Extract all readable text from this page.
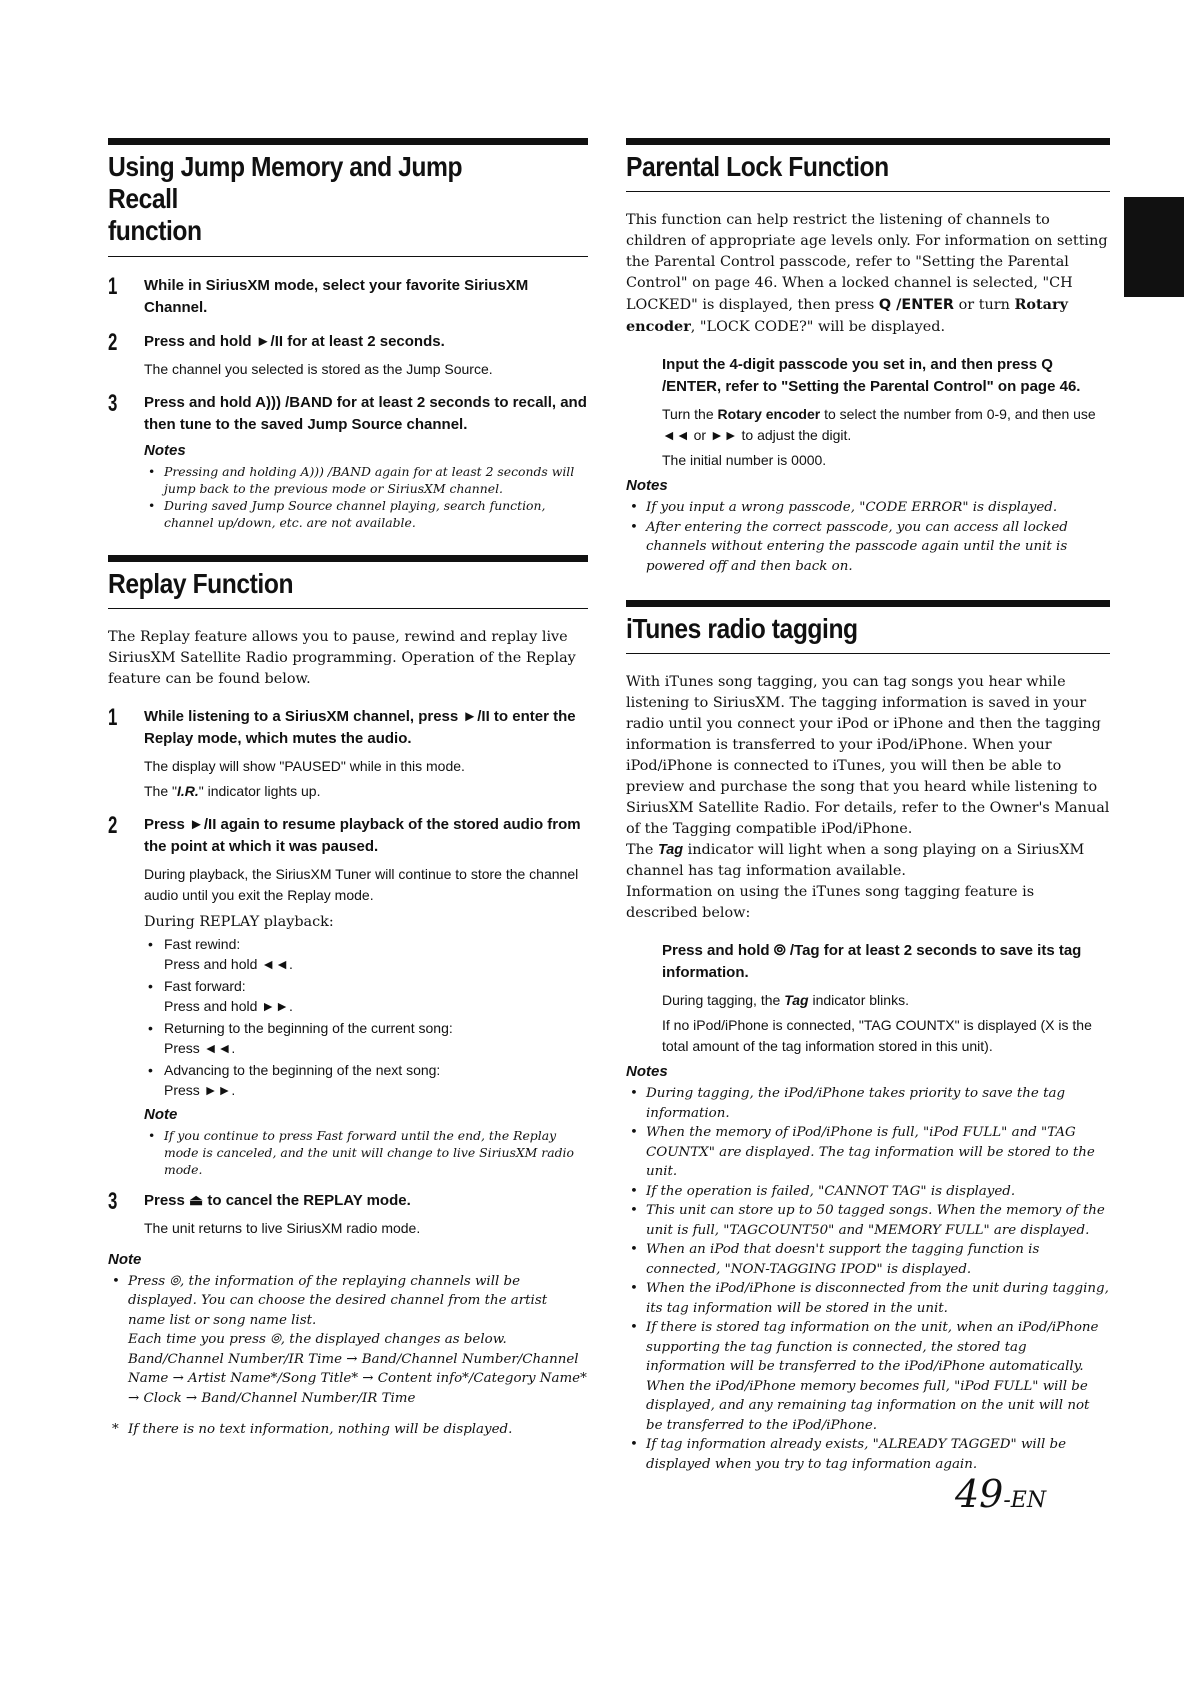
Using Jump Memory and Jump Recall
function
1 While in SiriusXM mode, select your favorite SiriusXM Channel.

2 Press and hold ►/II for at least 2 seconds.

The channel you selected is stored as the Jump Source.

3 Press and hold A))) /BAND for at least 2 seconds to recall, and then tune to the saved Jump Source channel.

Notes
• Pressing and holding A))) /BAND again for at least 2 seconds will jump back to the previous mode or SiriusXM channel.
• During saved Jump Source channel playing, search function, channel up/down, etc. are not available.
Replay Function

The Replay feature allows you to pause, rewind and replay live SiriusXM Satellite Radio programming. Operation of the Replay feature can be found below.

1 While listening to a SiriusXM channel, press ►/II to enter the Replay mode, which mutes the audio.

The display will show "PAUSED" while in this mode.

The "I.R." indicator lights up.

2 Press ►/II again to resume playback of the stored audio from the point at which it was paused.

During playback, the SiriusXM Tuner will continue to store the channel audio until you exit the Replay mode.

During REPLAY playback:
• Fast rewind:
Press and hold ◄◄.
• Fast forward:
Press and hold ►►.
• Returning to the beginning of the current song:
Press ◄◄.
• Advancing to the beginning of the next song:
Press ►►.
Note
• If you continue to press Fast forward until the end, the Replay mode is canceled, and the unit will change to live SiriusXM radio mode.
3 Press ⏏ to cancel the REPLAY mode.

The unit returns to live SiriusXM radio mode.

Note
• Press ⦾, the information of the replaying channels will be displayed. You can choose the desired channel from the artist name list or song name list.
Each time you press ⦾, the displayed changes as below.
Band/Channel Number/IR Time → Band/Channel Number/Channel Name → Artist Name*/Song Title* → Content info*/Category Name* → Clock → Band/Channel Number/IR Time
* If there is no text information, nothing will be displayed.
Parental Lock Function

This function can help restrict the listening of channels to children of appropriate age levels only. For information on setting the Parental Control passcode, refer to "Setting the Parental Control" on page 46. When a locked channel is selected, "CH LOCKED" is displayed, then press Q /ENTER or turn Rotary encoder, "LOCK CODE?" will be displayed.

Input the 4-digit passcode you set in, and then press Q /ENTER, refer to "Setting the Parental Control" on page 46.

Turn the Rotary encoder to select the number from 0-9, and then use ◄◄ or ►► to adjust the digit.

The initial number is 0000.

Notes
• If you input a wrong passcode, "CODE ERROR" is displayed.
• After entering the correct passcode, you can access all locked channels without entering the passcode again until the unit is powered off and then back on.
iTunes radio tagging

With iTunes song tagging, you can tag songs you hear while listening to SiriusXM. The tagging information is saved in your radio until you connect your iPod or iPhone and then the tagging information is transferred to your iPod/iPhone. When your iPod/iPhone is connected to iTunes, you will then be able to preview and purchase the song that you heard while listening to SiriusXM Satellite Radio. For details, refer to the Owner's Manual of the Tagging compatible iPod/iPhone.

The Tag indicator will light when a song playing on a SiriusXM channel has tag information available.

Information on using the iTunes song tagging feature is described below:

Press and hold ⦾ /Tag for at least 2 seconds to save its tag information.

During tagging, the Tag indicator blinks.

If no iPod/iPhone is connected, "TAG COUNTX" is displayed (X is the total amount of the tag information stored in this unit).

Notes
• During tagging, the iPod/iPhone takes priority to save the tag information.
• When the memory of iPod/iPhone is full, "iPod FULL" and "TAG COUNTX" are displayed. The tag information will be stored to the unit.
• If the operation is failed, "CANNOT TAG" is displayed.
• This unit can store up to 50 tagged songs. When the memory of the unit is full, "TAGCOUNT50" and "MEMORY FULL" are displayed.
• When an iPod that doesn't support the tagging function is connected, "NON-TAGGING IPOD" is displayed.
• When the iPod/iPhone is disconnected from the unit during tagging, its tag information will be stored in the unit.
• If there is stored tag information on the unit, when an iPod/iPhone supporting the tag function is connected, the stored tag information will be transferred to the iPod/iPhone automatically. When the iPod/iPhone memory becomes full, "iPod FULL" will be displayed, and any remaining tag information on the unit will not be transferred to the iPod/iPhone.
• If tag information already exists, "ALREADY TAGGED" will be displayed when you try to tag information again.
49-EN
